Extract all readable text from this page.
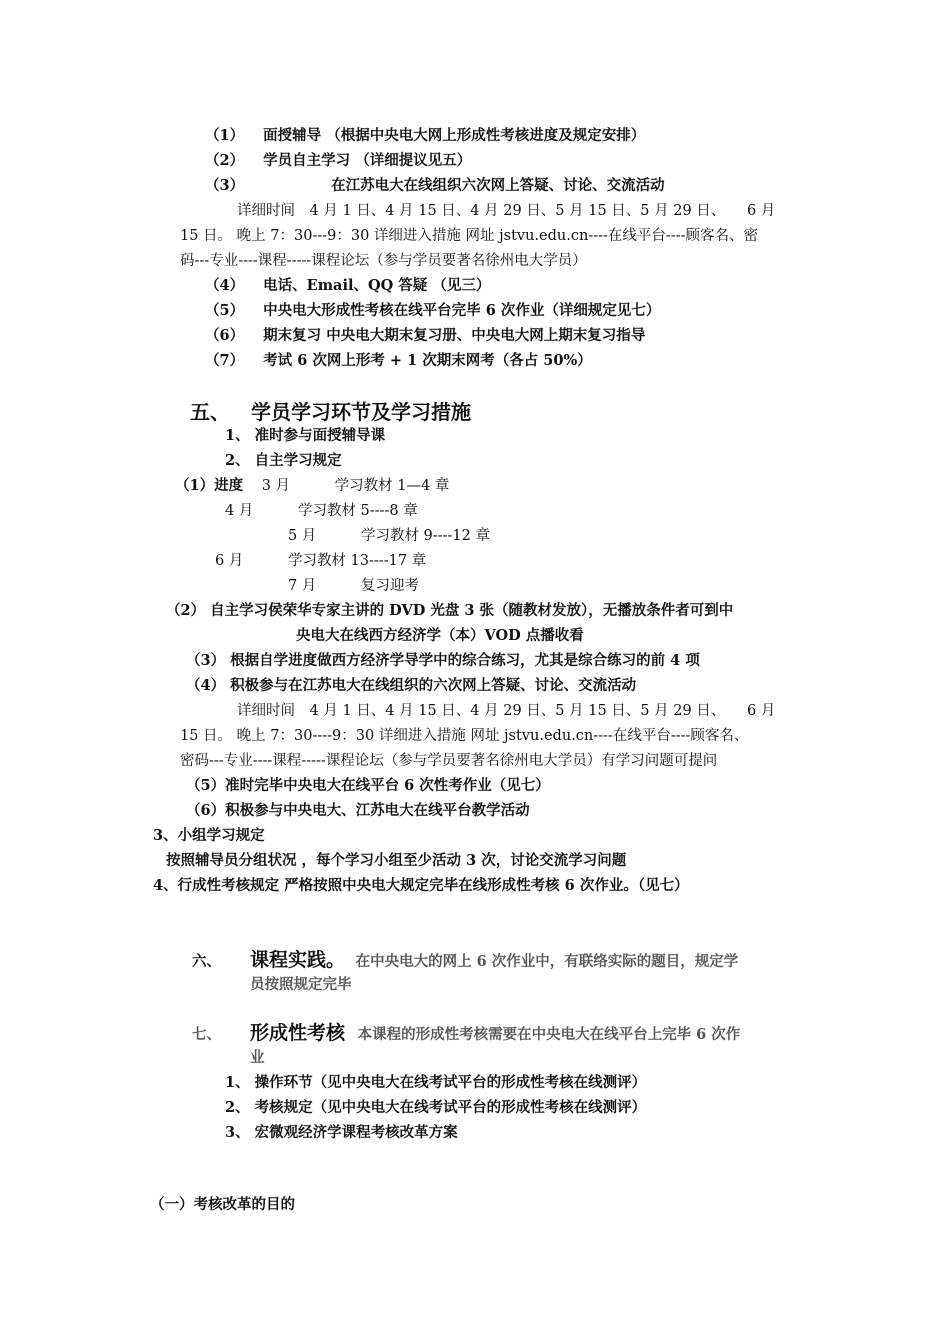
（1） 面授辅导 （根据中央电大网上形成性考核进度及规定安排）
（2） 学员自主学习 （详细提议见五）
（3）	在江苏电大在线组织六次网上答疑、讨论、交流活动
详细时间　4 月 1 日、4 月 15 日、4 月 29 日、5 月 15 日、5 月 29 日、　　6 月
15 日。 晚上 7：30---9：30 详细进入措施 网址 jstvu.edu.cn----在线平台----顾客名、密
码---专业----课程-----课程论坛（参与学员要著名徐州电大学员）
（4） 电话、Email、QQ 答疑 （见三）
（5） 中央电大形成性考核在线平台完毕 6 次作业（详细规定见七）
（6） 期末复习 中央电大期末复习册、中央电大网上期末复习指导
（7） 考试 6 次网上形考 + 1 次期末网考（各占 50%）
五、 学员学习环节及学习措施
1、 准时参与面授辅导课
2、 自主学习规定
（1）进度 3 月	学习教材 1—4 章
4 月	学习教材 5----8 章
5 月	学习教材 9----12 章
6 月	学习教材 13----17 章
7 月	复习迎考
（2） 自主学习侯荣华专家主讲的 DVD 光盘 3 张（随教材发放），无播放条件者可到中
央电大在线西方经济学（本）VOD 点播收看
（3） 根据自学进度做西方经济学导学中的综合练习，尤其是综合练习的前 4 项
（4） 积极参与在江苏电大在线组织的六次网上答疑、讨论、交流活动
详细时间　4 月 1 日、4 月 15 日、4 月 29 日、5 月 15 日、5 月 29 日、　　6 月
15 日。 晚上 7：30----9：30 详细进入措施 网址 jstvu.edu.cn----在线平台----顾客名、
密码---专业----课程-----课程论坛（参与学员要著名徐州电大学员）有学习问题可提问
（5）准时完毕中央电大在线平台 6 次性考作业（见七）
（6）积极参与中央电大、江苏电大在线平台教学活动
3、小组学习规定
按照辅导员分组状况 ，每个学习小组至少活动 3 次，讨论交流学习问题
4、行成性考核规定 严格按照中央电大规定完毕在线形成性考核 6 次作业。（见七）
六、 课程实践。 在中央电大的网上 6 次作业中，有联络实际的题目，规定学
员按照规定完毕
七、 形成性考核 本课程的形成性考核需要在中央电大在线平台上完毕 6 次作
业
1、 操作环节（见中央电大在线考试平台的形成性考核在线测评）
2、 考核规定（见中央电大在线考试平台的形成性考核在线测评）
3、 宏微观经济学课程考核改革方案
（一）考核改革的目的
